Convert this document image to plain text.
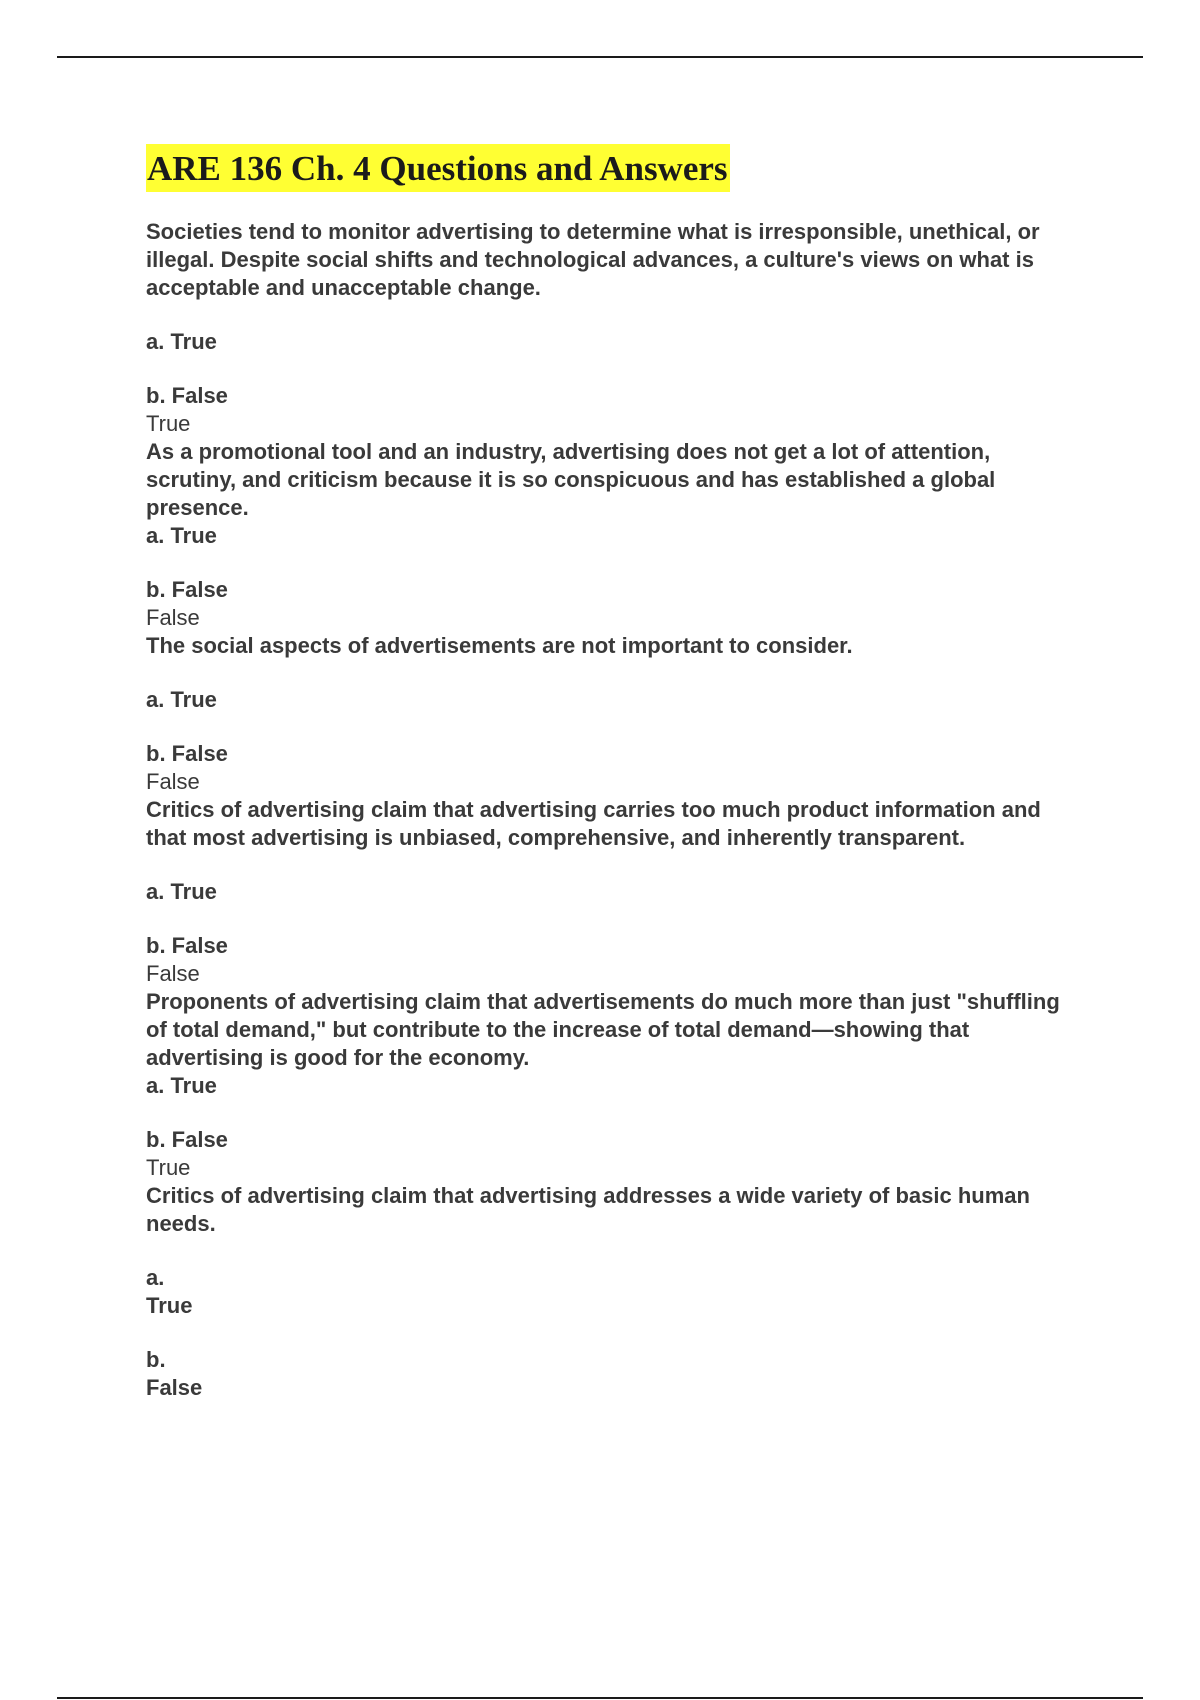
ARE 136 Ch. 4 Questions and Answers

Societies tend to monitor advertising to determine what is irresponsible, unethical, or illegal. Despite social shifts and technological advances, a culture's views on what is acceptable and unacceptable change.

a. True

b. False

True

As a promotional tool and an industry, advertising does not get a lot of attention, scrutiny, and criticism because it is so conspicuous and has established a global presence.

a. True

b. False

False

The social aspects of advertisements are not important to consider.

a. True

b. False

False

Critics of advertising claim that advertising carries too much product information and that most advertising is unbiased, comprehensive, and inherently transparent.

a. True

b. False

False

Proponents of advertising claim that advertisements do much more than just "shuffling of total demand," but contribute to the increase of total demand—showing that advertising is good for the economy.

a. True

b. False

True

Critics of advertising claim that advertising addresses a wide variety of basic human needs.

a.

True

b.

False
